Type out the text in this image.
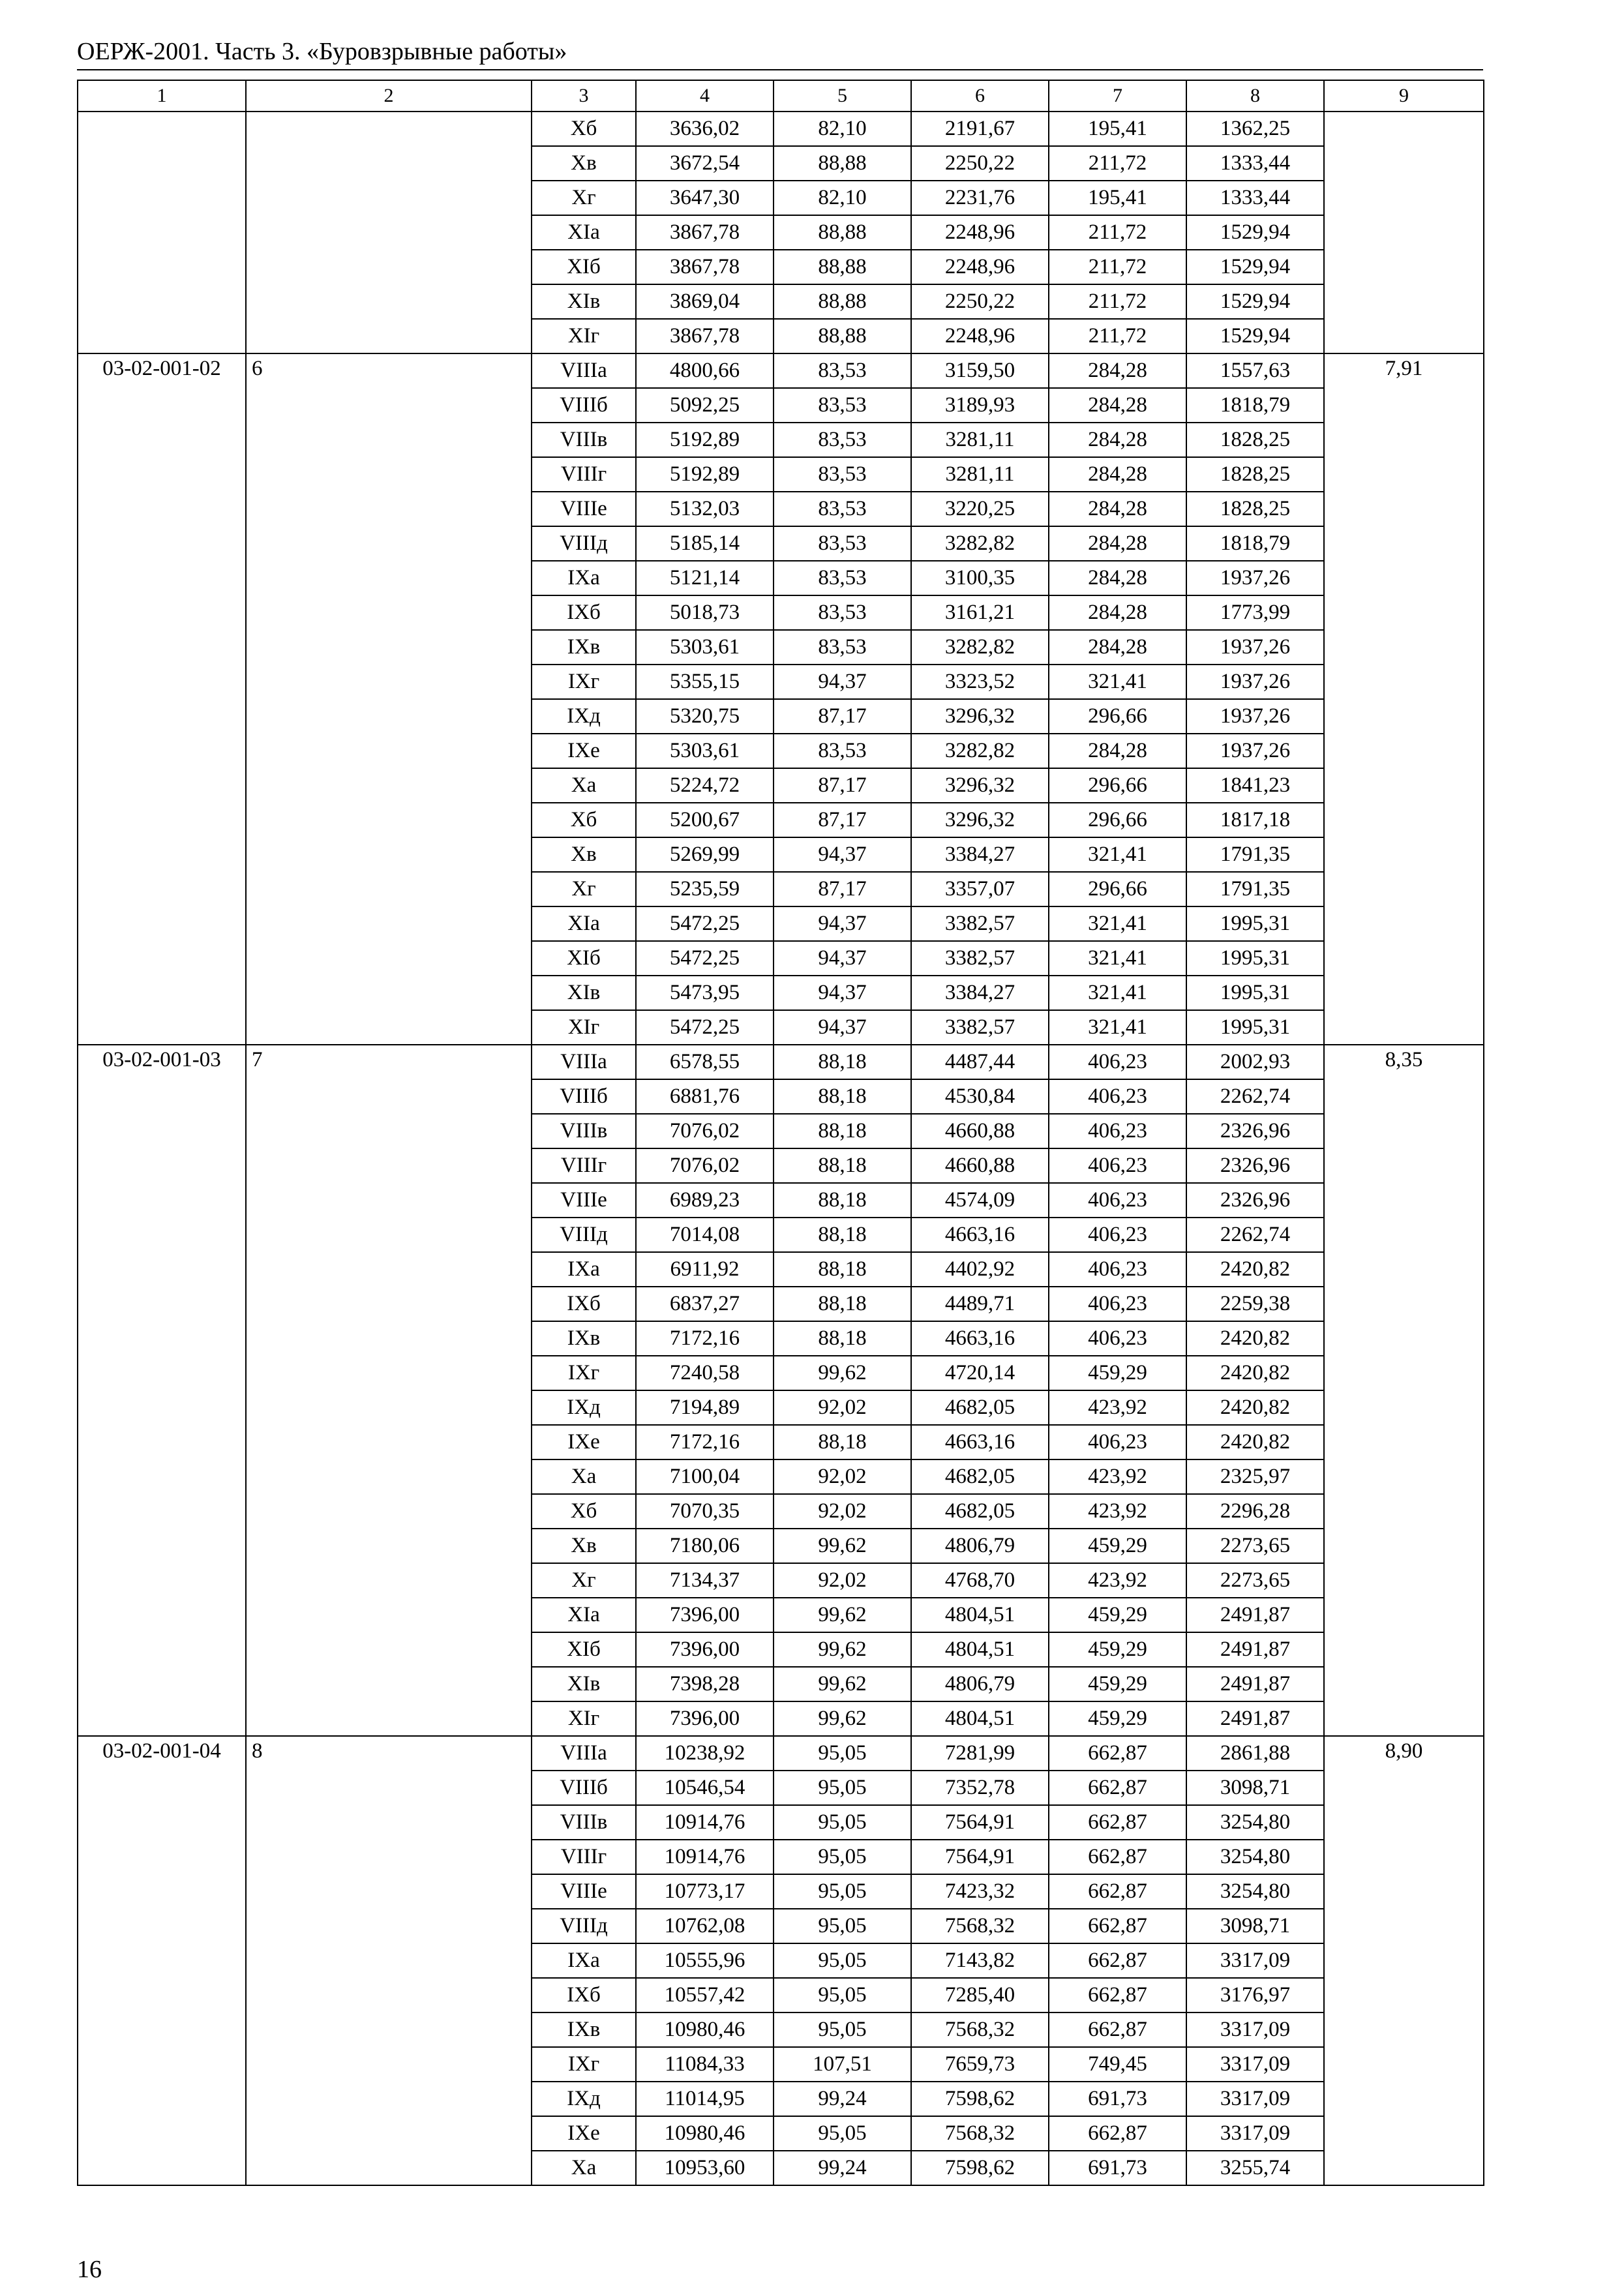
ОЕРЖ-2001. Часть 3. «Буровзрывные работы»
1	2	3	4	5	6	7	8	9
		Xб	3636,02	82,10	2191,67	195,41	1362,25	
		Xв	3672,54	88,88	2250,22	211,72	1333,44	
		Xг	3647,30	82,10	2231,76	195,41	1333,44	
		XIа	3867,78	88,88	2248,96	211,72	1529,94	
		XIб	3867,78	88,88	2248,96	211,72	1529,94	
		XIв	3869,04	88,88	2250,22	211,72	1529,94	
		XIг	3867,78	88,88	2248,96	211,72	1529,94	
03-02-001-02	6	VIIIа	4800,66	83,53	3159,50	284,28	1557,63	7,91
		VIIIб	5092,25	83,53	3189,93	284,28	1818,79	
		VIIIв	5192,89	83,53	3281,11	284,28	1828,25	
		VIIIг	5192,89	83,53	3281,11	284,28	1828,25	
		VIIIе	5132,03	83,53	3220,25	284,28	1828,25	
		VIIIд	5185,14	83,53	3282,82	284,28	1818,79	
		IXа	5121,14	83,53	3100,35	284,28	1937,26	
		IXб	5018,73	83,53	3161,21	284,28	1773,99	
		IXв	5303,61	83,53	3282,82	284,28	1937,26	
		IXг	5355,15	94,37	3323,52	321,41	1937,26	
		IXд	5320,75	87,17	3296,32	296,66	1937,26	
		IXе	5303,61	83,53	3282,82	284,28	1937,26	
		Xа	5224,72	87,17	3296,32	296,66	1841,23	
		Xб	5200,67	87,17	3296,32	296,66	1817,18	
		Xв	5269,99	94,37	3384,27	321,41	1791,35	
		Xг	5235,59	87,17	3357,07	296,66	1791,35	
		XIа	5472,25	94,37	3382,57	321,41	1995,31	
		XIб	5472,25	94,37	3382,57	321,41	1995,31	
		XIв	5473,95	94,37	3384,27	321,41	1995,31	
		XIг	5472,25	94,37	3382,57	321,41	1995,31	
03-02-001-03	7	VIIIа	6578,55	88,18	4487,44	406,23	2002,93	8,35
		VIIIб	6881,76	88,18	4530,84	406,23	2262,74	
		VIIIв	7076,02	88,18	4660,88	406,23	2326,96	
		VIIIг	7076,02	88,18	4660,88	406,23	2326,96	
		VIIIе	6989,23	88,18	4574,09	406,23	2326,96	
		VIIIд	7014,08	88,18	4663,16	406,23	2262,74	
		IXа	6911,92	88,18	4402,92	406,23	2420,82	
		IXб	6837,27	88,18	4489,71	406,23	2259,38	
		IXв	7172,16	88,18	4663,16	406,23	2420,82	
		IXг	7240,58	99,62	4720,14	459,29	2420,82	
		IXд	7194,89	92,02	4682,05	423,92	2420,82	
		IXе	7172,16	88,18	4663,16	406,23	2420,82	
		Xа	7100,04	92,02	4682,05	423,92	2325,97	
		Xб	7070,35	92,02	4682,05	423,92	2296,28	
		Xв	7180,06	99,62	4806,79	459,29	2273,65	
		Xг	7134,37	92,02	4768,70	423,92	2273,65	
		XIа	7396,00	99,62	4804,51	459,29	2491,87	
		XIб	7396,00	99,62	4804,51	459,29	2491,87	
		XIв	7398,28	99,62	4806,79	459,29	2491,87	
		XIг	7396,00	99,62	4804,51	459,29	2491,87	
03-02-001-04	8	VIIIа	10238,92	95,05	7281,99	662,87	2861,88	8,90
		VIIIб	10546,54	95,05	7352,78	662,87	3098,71	
		VIIIв	10914,76	95,05	7564,91	662,87	3254,80	
		VIIIг	10914,76	95,05	7564,91	662,87	3254,80	
		VIIIе	10773,17	95,05	7423,32	662,87	3254,80	
		VIIIд	10762,08	95,05	7568,32	662,87	3098,71	
		IXа	10555,96	95,05	7143,82	662,87	3317,09	
		IXб	10557,42	95,05	7285,40	662,87	3176,97	
		IXв	10980,46	95,05	7568,32	662,87	3317,09	
		IXг	11084,33	107,51	7659,73	749,45	3317,09	
		IXд	11014,95	99,24	7598,62	691,73	3317,09	
		IXе	10980,46	95,05	7568,32	662,87	3317,09	
		Xа	10953,60	99,24	7598,62	691,73	3255,74	
16
